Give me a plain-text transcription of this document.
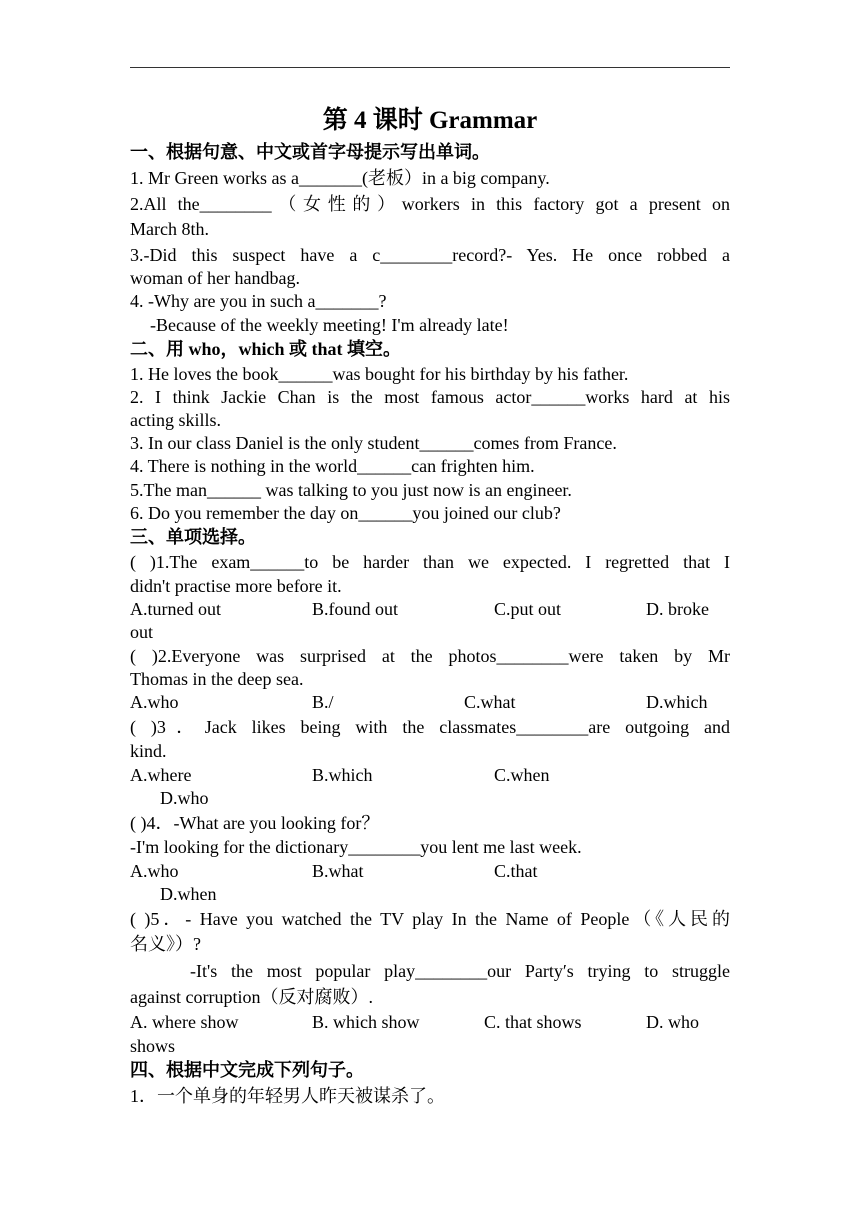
第 4 课时 Grammar
一、根据句意、中文或首字母提示写出单词。
1. Mr Green works as a_______(老板）in a big company.
2.All the________（女性的）workers in this factory got a present on
March 8th.
3.-Did this suspect have a c________record?- Yes. He once robbed a
woman of her handbag.
4. -Why are you in such a_______?
-Because of the weekly meeting! I'm already late!
二、用 who，which 或 that 填空。
1. He loves the book______was bought for his birthday by his father.
2. I think Jackie Chan is the most famous actor______works hard at his
acting skills.
3. In our class Daniel is the only student______comes from France.
4. There is nothing in the world______can frighten him.
5.The man______ was talking to you just now is an engineer.
6. Do you remember the day on______you joined our club?
三、单项选择。
( )1.The exam______to be harder than we expected. I regretted that I
didn't practise more before it.
A.turned out	B.found out	C.put out	D. broke
out
( )2.Everyone was surprised at the photos________were taken by Mr
Thomas in the deep sea.
A.who	B./	C.what	D.which
( )3．Jack likes being with the classmates________are outgoing and
kind.
A.where	B.which	C.when
D.who
( )4．-What are you looking for？
-I'm looking for the dictionary________you lent me last week.
A.who	B.what	C.that
D.when
( )5．- Have you watched the TV play In the Name of People（《人民的
名义》）?
-It's the most popular play________our Party′s trying to struggle
against corruption（反对腐败）.
A. where show	B. which show	C. that shows	D. who
shows
四、根据中文完成下列句子。
1．一个单身的年轻男人昨天被谋杀了。
